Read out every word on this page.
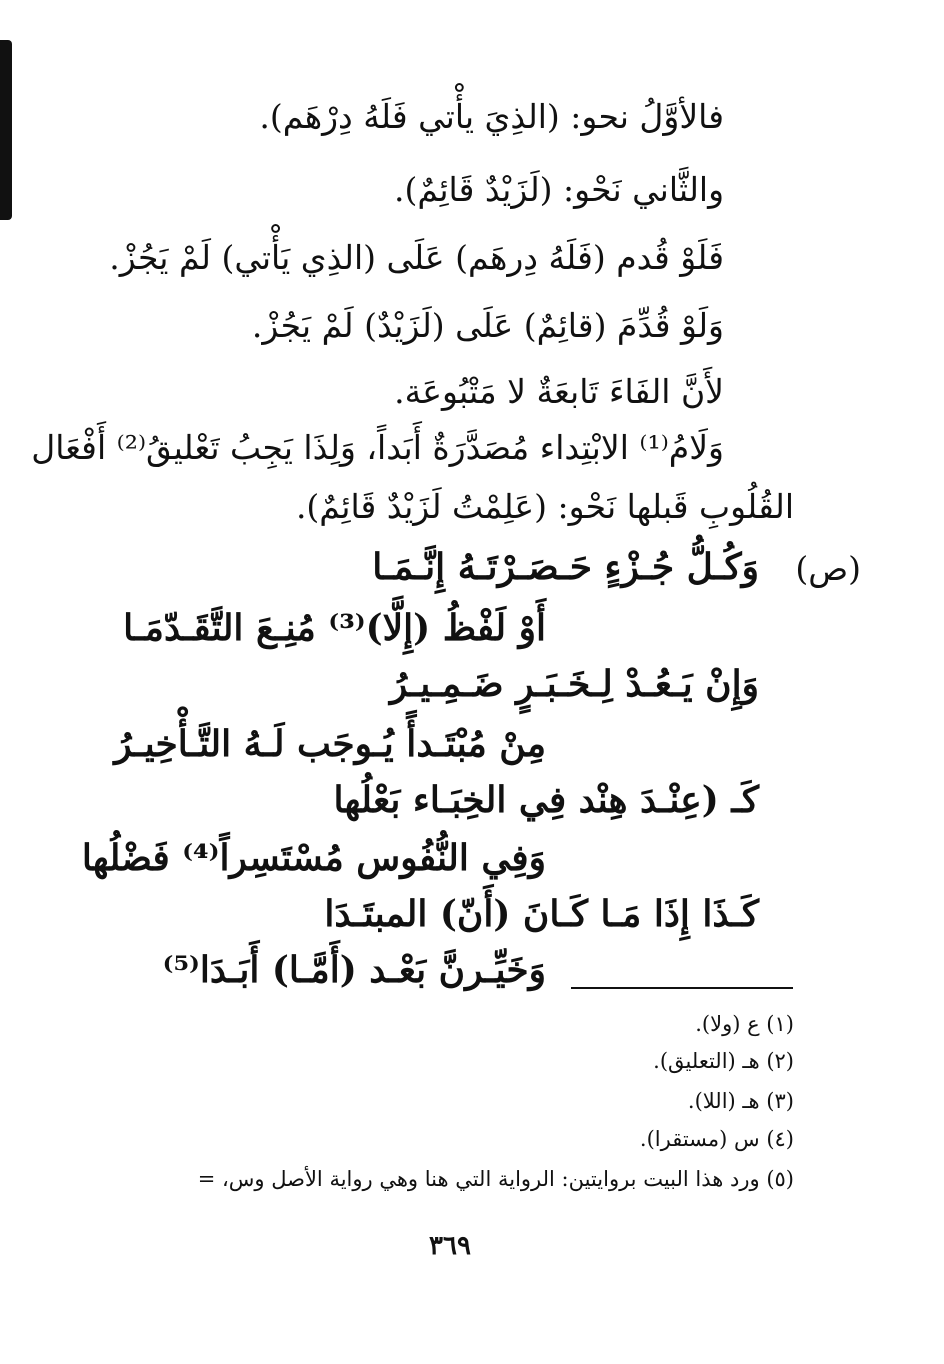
فالأوَّلُ نحو: (الذِيَ يأْتي فَلَهُ دِرْهَم).
والثَّاني نَحْو: (لَزَيْدٌ قَائِمٌ).
فَلَوْ قُدم (فَلَهُ دِرهَم) عَلَى (الذِي يَأْتي) لَمْ يَجُزْ.
وَلَوْ قُدِّمَ (قائِمٌ) عَلَى (لَزَيْدٌ) لَمْ يَجُزْ.
لأَنَّ الفَاءَ تَابعَةٌ لا مَتْبُوعَة.
وَلَامُ⁽¹⁾ الابْتِداء مُصَدَّرَةٌ أَبَداً، وَلِذَا يَجِبُ تَعْليقُ⁽²⁾ أَفْعَال
القُلُوبِ قَبلها نَحْو: (عَلِمْتُ لَزَيْدٌ قَائِمٌ).
(ص)
وَكُـلُّ جُـزْءٍ حَـصَـرْتَـهُ إِنَّـمَـا
أَوْ لَفْظُ (إِلَّا)⁽³⁾ مُنِـعَ التَّقَـدّمَـا
وَإِنْ يَـعُـدْ لِـخَـبَـرٍ ضَـمِـيـرُ
مِنْ مُبْتَـدأً يُـوجَب لَـهُ التَّـأْخِيـرُ
كَـ (عِنْـدَ هِنْد فِي الخِبَـاء بَعْلُها
وَفِي النُّفُوس مُسْتَسِراً⁽⁴⁾ فَضْلُها
كَـذَا إِذَا مَـا كَـانَ (أَنّ) المبتَـدَا
وَخَيِّـرنَّ بَعْـد (أَمَّـا) أَبَـدَا⁽⁵⁾
(١) ع (ولا).
(٢) هـ (التعليق).
(٣) هـ (اللا).
(٤) س (مستقرا).
(٥) ورد هذا البيت بروايتين: الرواية التي هنا وهي رواية الأصل وس، =
٣٦٩
